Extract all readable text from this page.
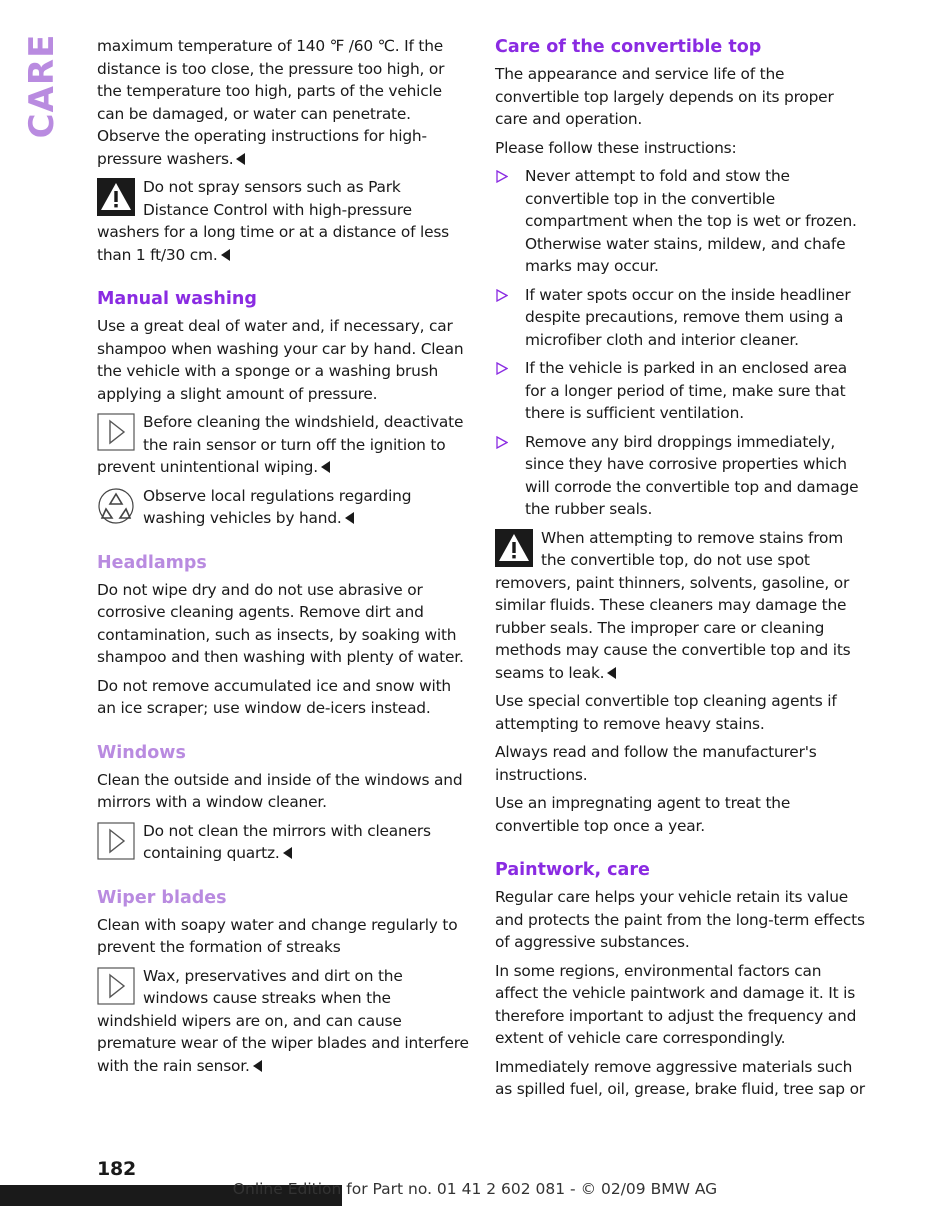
CARE maximum temperature of 140 ℉ /60 ℃. If the distance is too close, the pressure too high, or the temperature too high, parts of the vehicle can be damaged, or water can penetrate. Observe the operating instructions for high-pressure washers.

Do not spray sensors such as Park Distance Control with high-pressure washers for a long time or at a distance of less than 1 ft/30 cm.
Manual washing

Use a great deal of water and, if necessary, car shampoo when washing your car by hand. Clean the vehicle with a sponge or a washing brush applying a slight amount of pressure.

Before cleaning the windshield, deactivate the rain sensor or turn off the ignition to prevent unintentional wiping.
Observe local regulations regarding washing vehicles by hand.
Headlamps

Do not wipe dry and do not use abrasive or corrosive cleaning agents. Remove dirt and contamination, such as insects, by soaking with shampoo and then washing with plenty of water.

Do not remove accumulated ice and snow with an ice scraper; use window de-icers instead.

Windows

Clean the outside and inside of the windows and mirrors with a window cleaner.

Do not clean the mirrors with cleaners containing quartz.
Wiper blades

Clean with soapy water and change regularly to prevent the formation of streaks

Wax, preservatives and dirt on the windows cause streaks when the windshield wipers are on, and can cause premature wear of the wiper blades and interfere with the rain sensor.
Care of the convertible top

The appearance and service life of the convertible top largely depends on its proper care and operation.

Please follow these instructions:

Never attempt to fold and stow the convertible top in the convertible compartment when the top is wet or frozen. Otherwise water stains, mildew, and chafe marks may occur.
If water spots occur on the inside headliner despite precautions, remove them using a microfiber cloth and interior cleaner.
If the vehicle is parked in an enclosed area for a longer period of time, make sure that there is sufficient ventilation.
Remove any bird droppings immediately, since they have corrosive properties which will corrode the convertible top and damage the rubber seals.
When attempting to remove stains from the convertible top, do not use spot removers, paint thinners, solvents, gasoline, or similar fluids. These cleaners may damage the rubber seals. The improper care or cleaning methods may cause the convertible top and its seams to leak.

Use special convertible top cleaning agents if attempting to remove heavy stains.

Always read and follow the manufacturer's instructions.

Use an impregnating agent to treat the convertible top once a year.

Paintwork, care

Regular care helps your vehicle retain its value and protects the paint from the long-term effects of aggressive substances.

In some regions, environmental factors can affect the vehicle paintwork and damage it. It is therefore important to adjust the frequency and extent of vehicle care correspondingly.

Immediately remove aggressive materials such as spilled fuel, oil, grease, brake fluid, tree sap or

182
Online Edition for Part no. 01 41 2 602 081 - © 02/09 BMW AG
